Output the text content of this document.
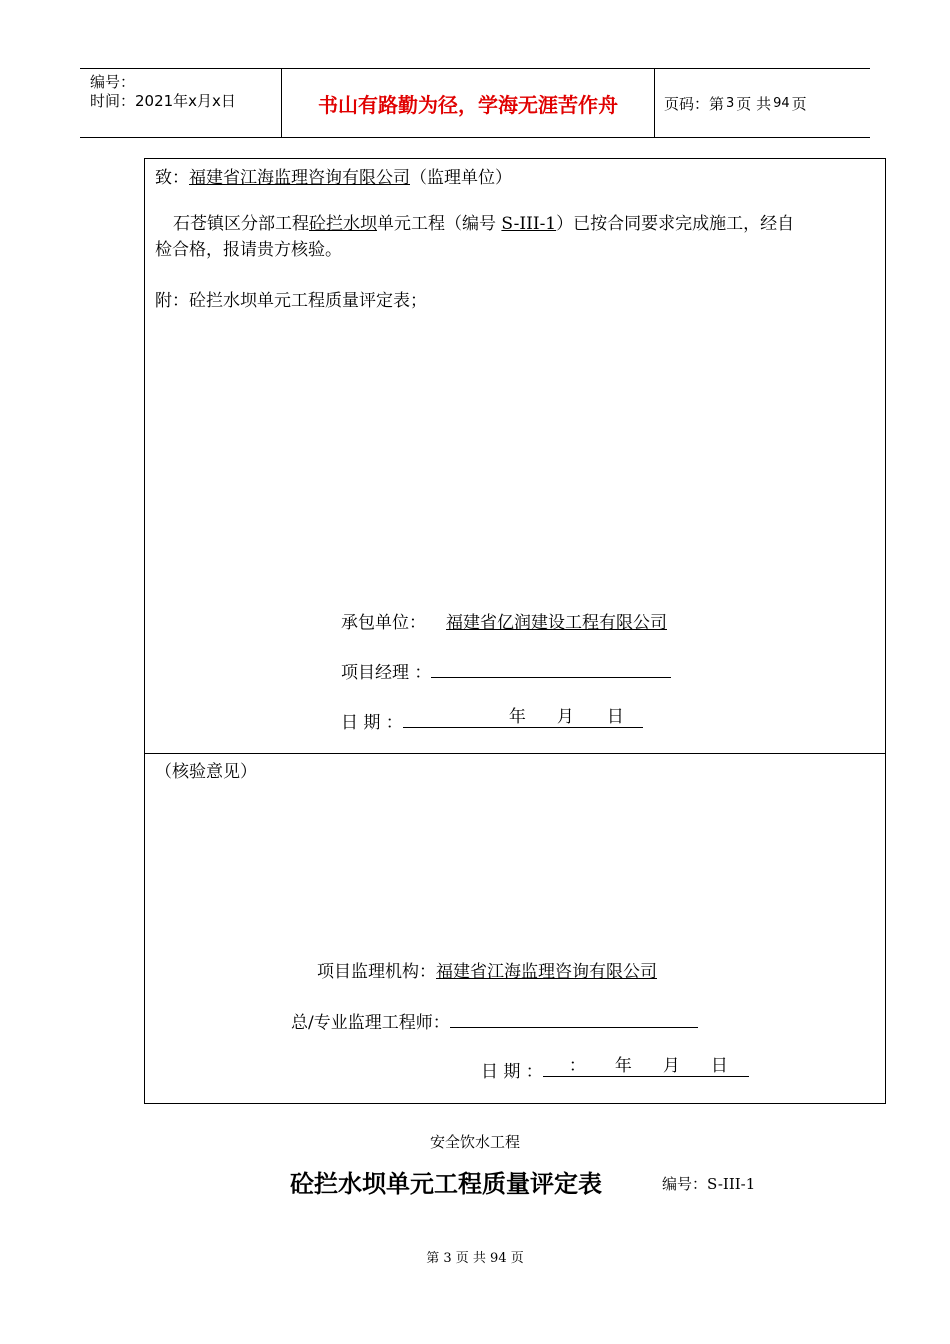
编号：
时间：2021年x月x日	书山有路勤为径，学海无涯苦作舟	页码：第 3 页 共 94 页
致：福建省江海监理咨询有限公司（监理单位）
石苍镇区分部工程砼拦水坝单元工程（编号 S-III-1）已按合同要求完成施工，经自
检合格，报请贵方核验。
附：砼拦水坝单元工程质量评定表；
承包单位： 福建省亿润建设工程有限公司
项目经理 ：
日 期 ：	年 月 日
（核验意见）
项目监理机构：福建省江海监理咨询有限公司
总/专业监理工程师：
日 期 ： ： 年 月 日
安全饮水工程
砼拦水坝单元工程质量评定表	编号：S-III-1
第 3 页 共 94 页
